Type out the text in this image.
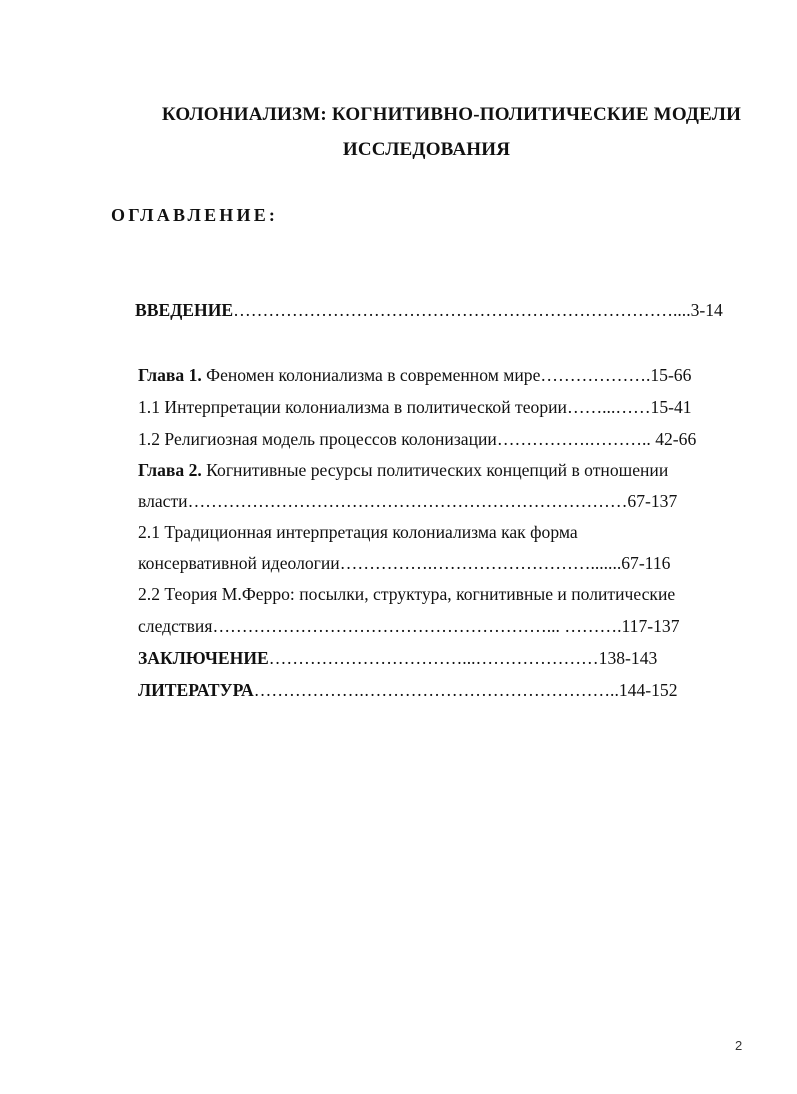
КОЛОНИАЛИЗМ: КОГНИТИВНО-ПОЛИТИЧЕСКИЕ МОДЕЛИ
ИССЛЕДОВАНИЯ
ОГЛАВЛЕНИЕ:
ВВЕДЕНИЕ…………………………………………………………………....3-14
Глава 1. Феномен колониализма в современном мире……………….15-66
1.1 Интерпретации колониализма в политической теории……...……15-41
1.2 Религиозная модель процессов колонизации…………….……….. 42-66
Глава 2. Когнитивные ресурсы политических концепций в отношении
власти…………………………………………………………………67-137
2.1 Традиционная интерпретация колониализма как форма
консервативной идеологии…………….……………………….......67-116
2.2 Теория М.Ферро: посылки, структура, когнитивные и политические
следствия…………………………………………………... ……….117-137
ЗАКЛЮЧЕНИЕ……………………………...…………………138-143
ЛИТЕРАТУРА……………….……………………………………..144-152
2
